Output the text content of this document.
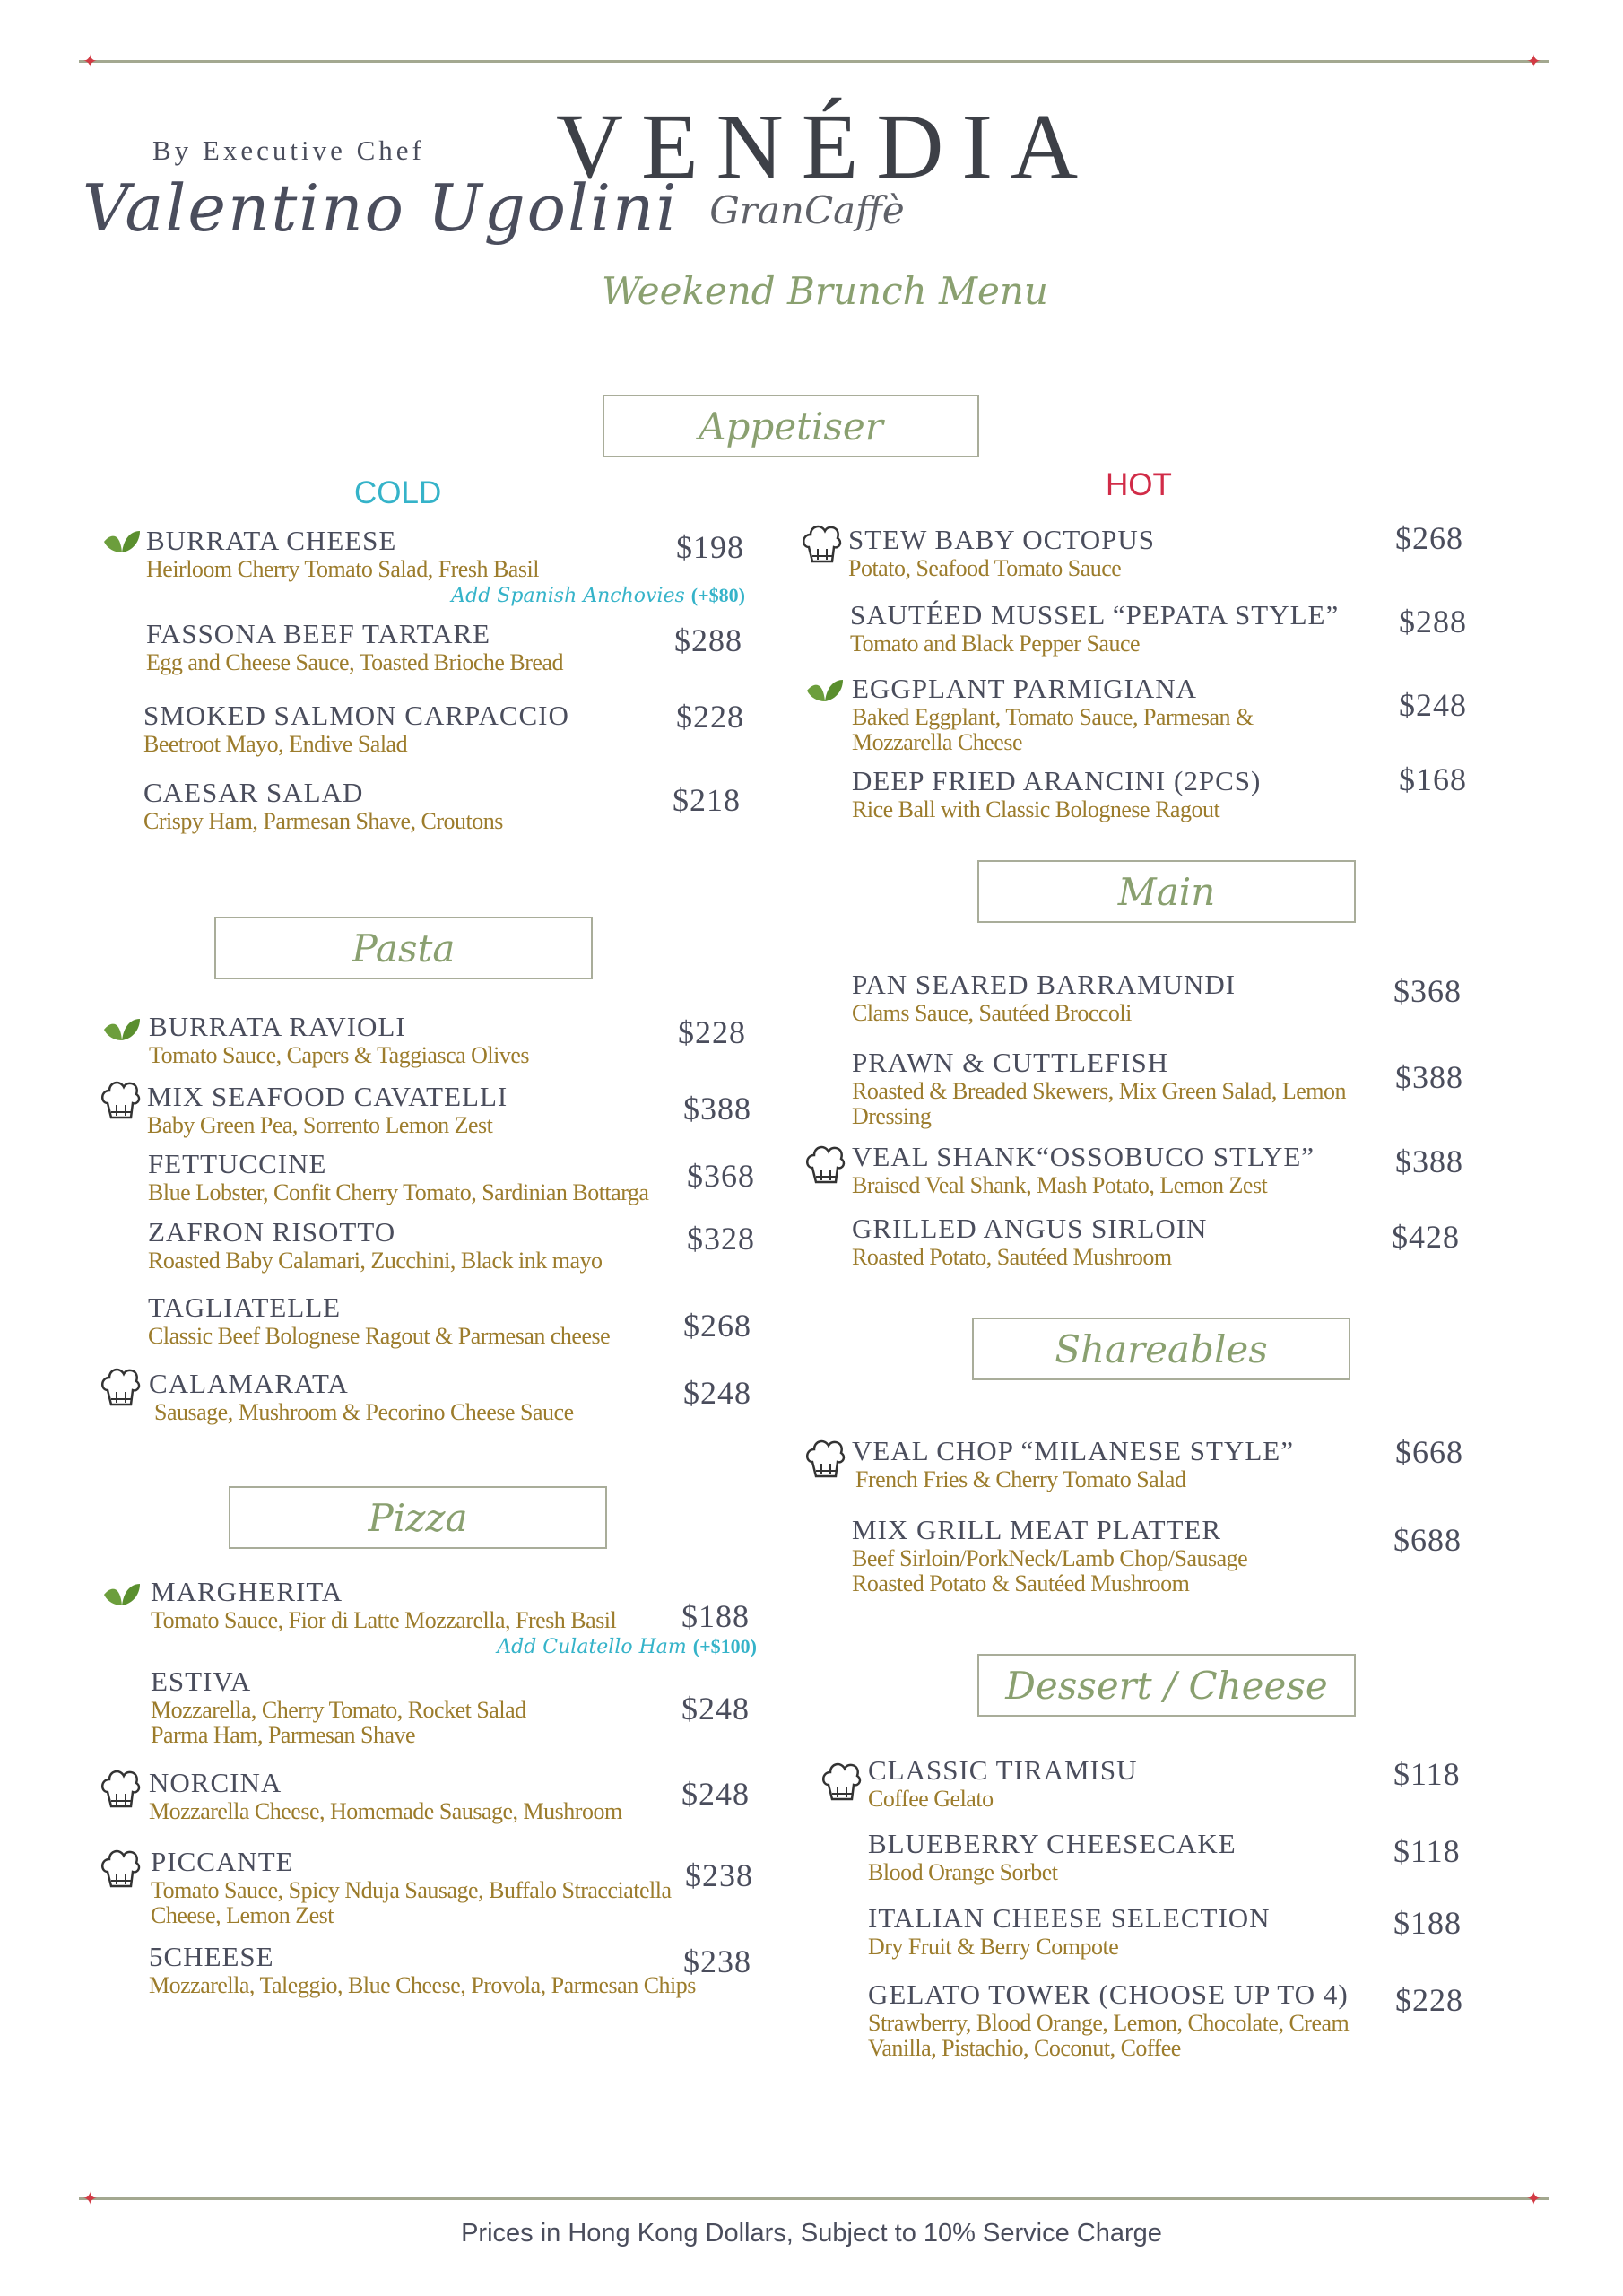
✦	✦
✦	✦
By Executive Chef
Valentino Ugolini
VENÉDIA
GranCaffè
Weekend Brunch Menu
Appetiser
COLD	HOT
Pasta
Pizza
Main
Shareables
Dessert / Cheese
BURRATA CHEESE
Heirloom Cherry Tomato Salad, Fresh Basil
Add Spanish Anchovies (+$80)
$198
FASSONA BEEF TARTARE
Egg and Cheese Sauce, Toasted Brioche Bread
$288
SMOKED SALMON CARPACCIO
Beetroot Mayo, Endive Salad
$228
CAESAR SALAD
Crispy Ham, Parmesan Shave, Croutons
$218
STEW BABY OCTOPUS
Potato, Seafood Tomato Sauce
$268
SAUTÉED MUSSEL “PEPATA STYLE”
Tomato and Black Pepper Sauce
$288
EGGPLANT PARMIGIANA
Baked Eggplant, Tomato Sauce, Parmesan & Mozzarella Cheese
$248
DEEP FRIED ARANCINI (2PCS)
Rice Ball with Classic Bolognese Ragout
$168
BURRATA RAVIOLI
Tomato Sauce, Capers & Taggiasca Olives
$228
MIX SEAFOOD CAVATELLI
Baby Green Pea, Sorrento Lemon Zest	$388
FETTUCCINE
Blue Lobster, Confit Cherry Tomato, Sardinian Bottarga	$368
ZAFRON RISOTTO
Roasted Baby Calamari, Zucchini, Black ink mayo
$328
TAGLIATELLE
Classic Beef Bolognese Ragout & Parmesan cheese	$268
CALAMARATA
Sausage, Mushroom & Pecorino Cheese Sauce
$248
MARGHERITA
Tomato Sauce, Fior di Latte Mozzarella, Fresh Basil
Add Culatello Ham (+$100)
$188
ESTIVA
Mozzarella, Cherry Tomato, Rocket Salad Parma Ham, Parmesan Shave
$248
NORCINA
Mozzarella Cheese, Homemade Sausage, Mushroom	$248
PICCANTE
Tomato Sauce, Spicy Nduja Sausage, Buffalo Stracciatella Cheese, Lemon Zest
$238
5CHEESE
Mozzarella, Taleggio, Blue Cheese, Provola, Parmesan Chips
$238
PAN SEARED BARRAMUNDI
Clams Sauce, Sautéed Broccoli
$368
PRAWN & CUTTLEFISH
Roasted & Breaded Skewers, Mix Green Salad, Lemon Dressing
$388
VEAL SHANK“OSSOBUCO STLYE”
Braised Veal Shank, Mash Potato, Lemon Zest
$388
GRILLED ANGUS SIRLOIN
Roasted Potato, Sautéed Mushroom
$428
VEAL CHOP “MILANESE STYLE”
French Fries & Cherry Tomato Salad
$668
MIX GRILL MEAT PLATTER
Beef Sirloin/PorkNeck/Lamb Chop/Sausage Roasted Potato & Sautéed Mushroom
$688
CLASSIC TIRAMISU
Coffee Gelato
$118
BLUEBERRY CHEESECAKE
Blood Orange Sorbet
$118
ITALIAN CHEESE SELECTION
Dry Fruit & Berry Compote
$188
GELATO TOWER (CHOOSE UP TO 4)
Strawberry, Blood Orange, Lemon, Chocolate, Cream Vanilla, Pistachio, Coconut, Coffee
$228
Prices in Hong Kong Dollars, Subject to 10% Service Charge
